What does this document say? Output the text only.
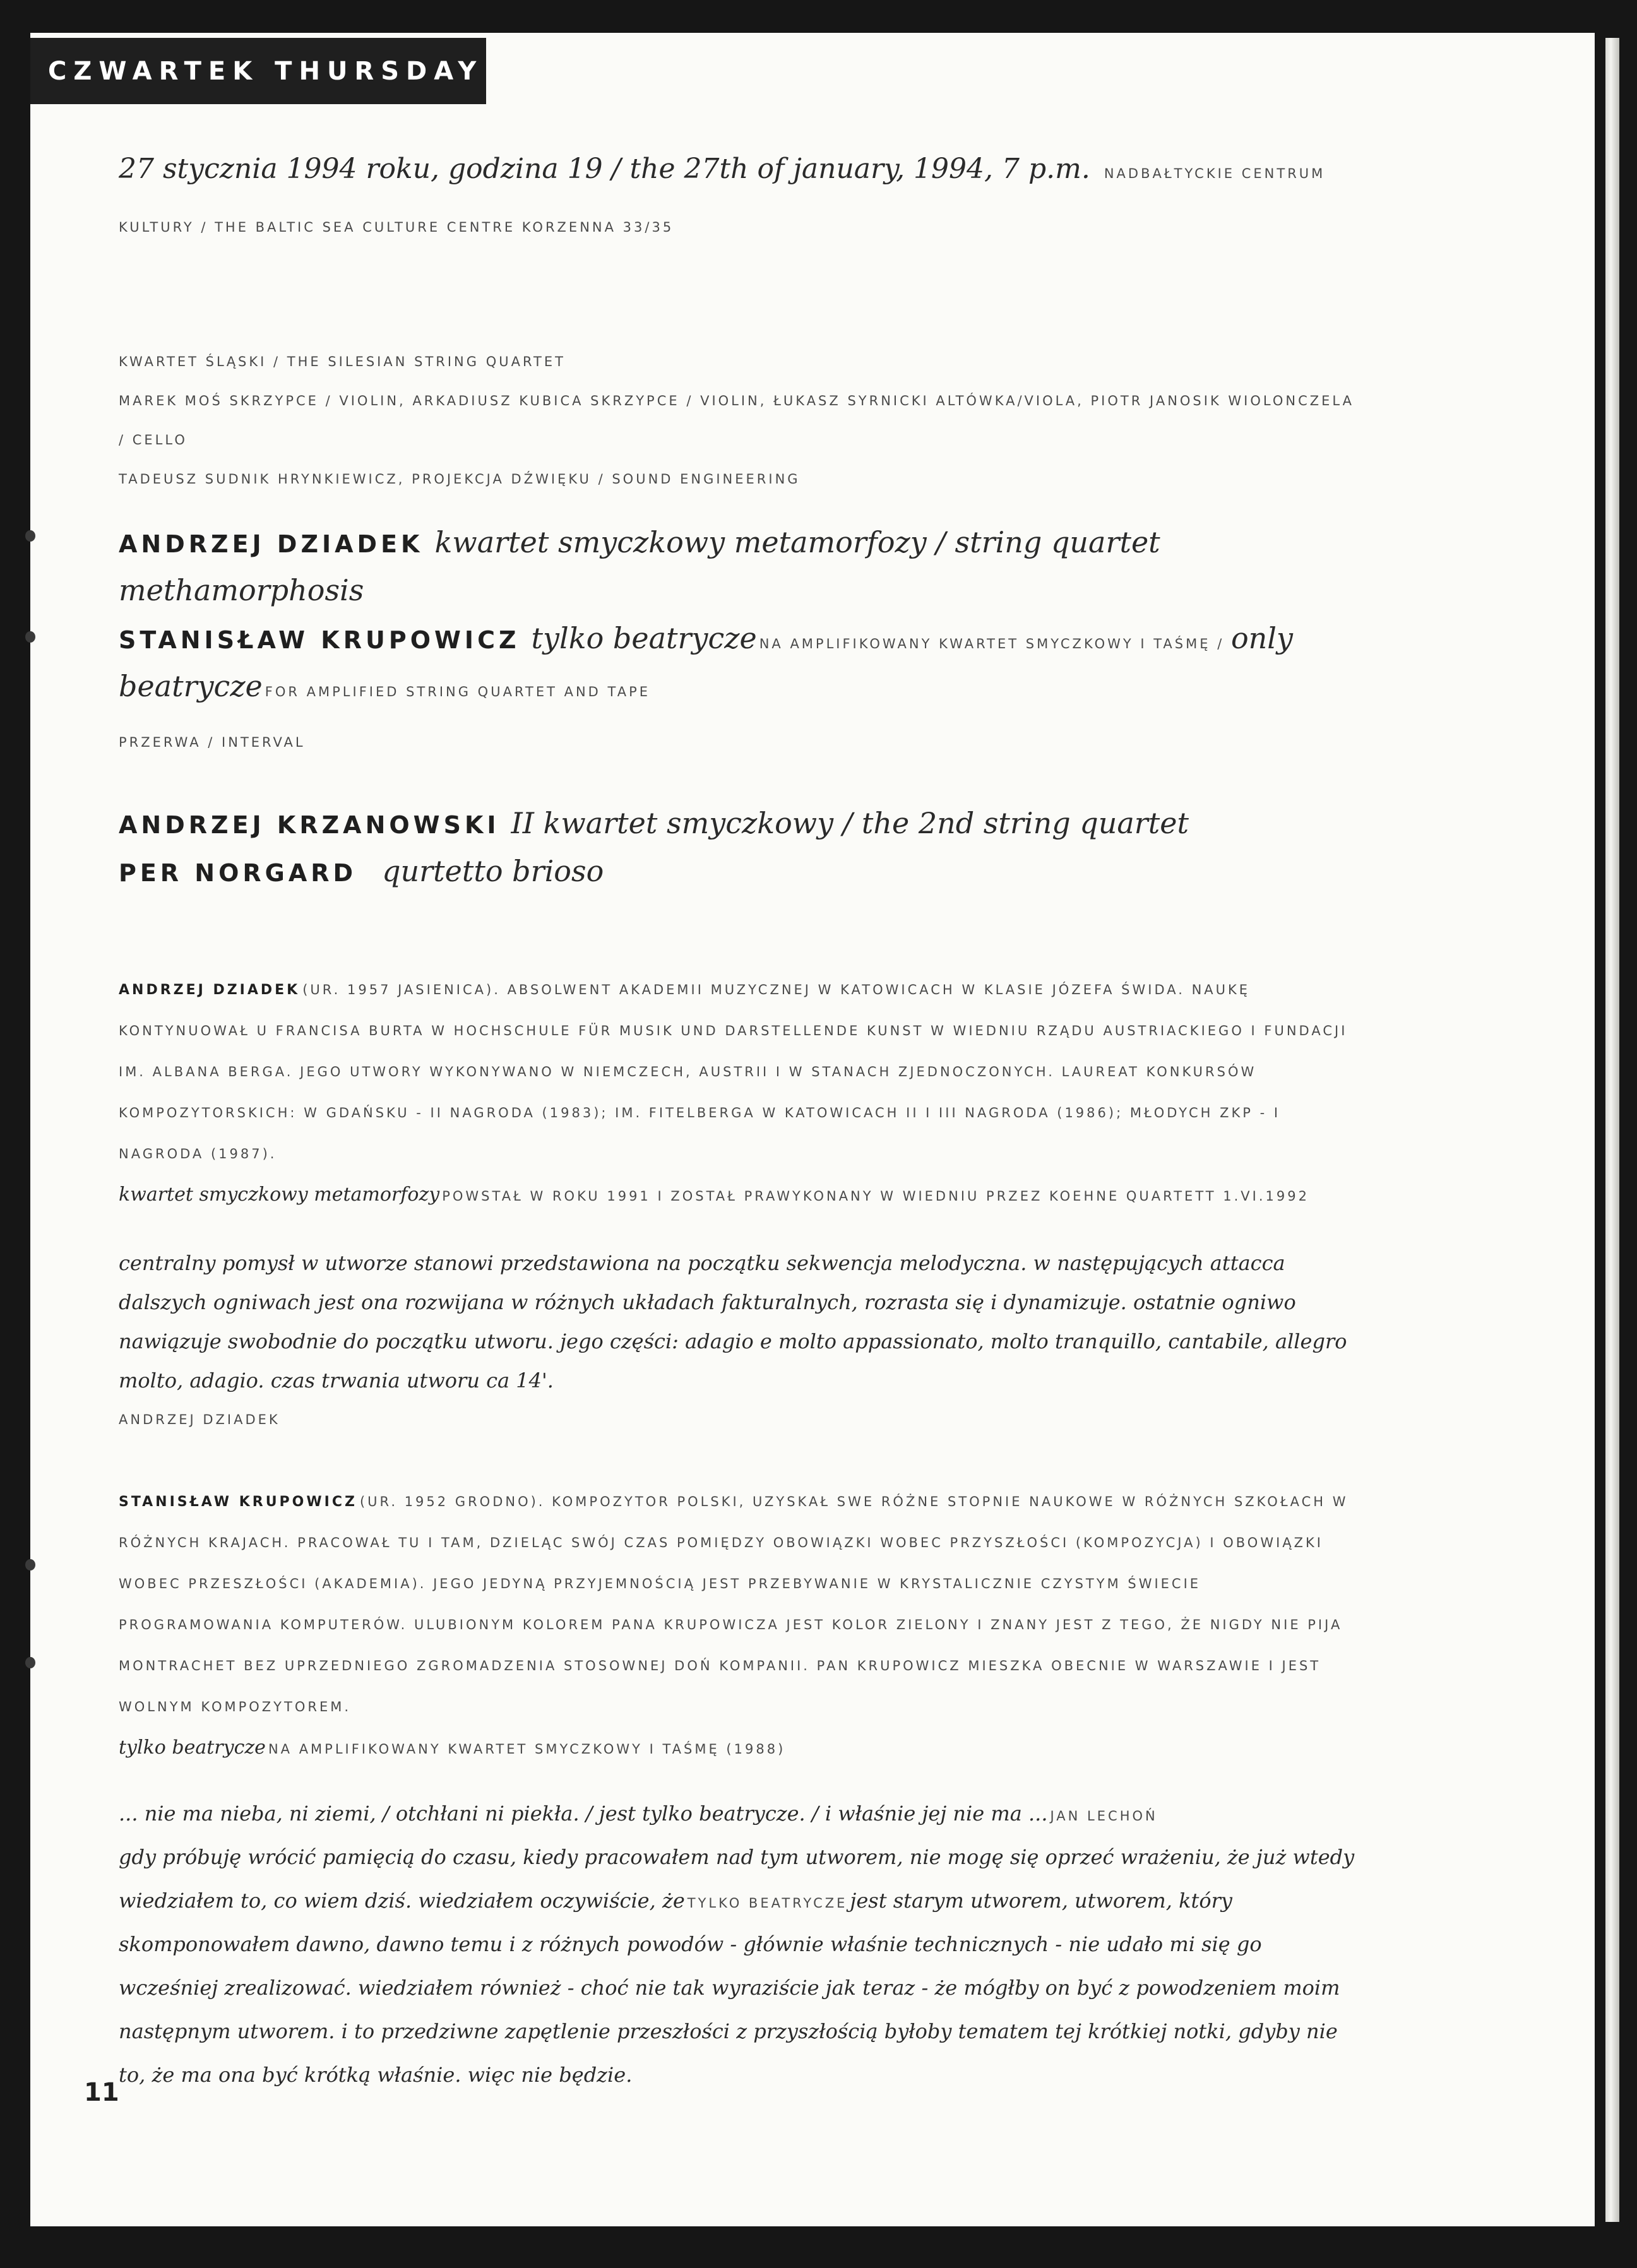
CZWARTEK THURSDAY
27 stycznia 1994 roku, godzina 19 / the 27th of january, 1994, 7 p.m. NADBAŁTYCKIE CENTRUM KULTURY / THE BALTIC SEA CULTURE CENTRE KORZENNA 33/35
KWARTET ŚLĄSKI / THE SILESIAN STRING QUARTET
MAREK MOŚ SKRZYPCE / VIOLIN, ARKADIUSZ KUBICA SKRZYPCE / VIOLIN, ŁUKASZ SYRNICKI ALTÓWKA/VIOLA, PIOTR JANOSIK WIOLONCZELA / CELLO
TADEUSZ SUDNIK HRYNKIEWICZ, PROJEKCJA DŹWIĘKU / SOUND ENGINEERING
ANDRZEJ DZIADEK kwartet smyczkowy metamorfozy / string quartet methamorphosis
STANISŁAW KRUPOWICZ tylko beatrycze NA AMPLIFIKOWANY KWARTET SMYCZKOWY I TAŚMĘ / only beatrycze FOR AMPLIFIED STRING QUARTET AND TAPE
PRZERWA / INTERVAL
ANDRZEJ KRZANOWSKI II kwartet smyczkowy / the 2nd string quartet
PER NORGARD qurtetto brioso
ANDRZEJ DZIADEK (UR. 1957 JASIENICA). ABSOLWENT AKADEMII MUZYCZNEJ W KATOWICACH W KLASIE JÓZEFA ŚWIDA. NAUKĘ KONTYNUOWAŁ U FRANCISA BURTA W HOCHSCHULE FÜR MUSIK UND DARSTELLENDE KUNST W WIEDNIU RZĄDU AUSTRIACKIEGO I FUNDACJI IM. ALBANA BERGA. JEGO UTWORY WYKONYWANO W NIEMCZECH, AUSTRII I W STANACH ZJEDNOCZONYCH. LAUREAT KONKURSÓW KOMPOZYTORSKICH: W GDAŃSKU - II NAGRODA (1983); IM. FITELBERGA W KATOWICACH II I III NAGRODA (1986); MŁODYCH ZKP - I NAGRODA (1987).
kwartet smyczkowy metamorfozy POWSTAŁ W ROKU 1991 I ZOSTAŁ PRAWYKONANY W WIEDNIU PRZEZ KOEHNE QUARTETT 1.VI.1992
centralny pomysł w utworze stanowi przedstawiona na początku sekwencja melodyczna. w następujących attacca dalszych ogniwach jest ona rozwijana w różnych układach fakturalnych, rozrasta się i dynamizuje. ostatnie ogniwo nawiązuje swobodnie do początku utworu. jego części: adagio e molto appassionato, molto tranquillo, cantabile, allegro molto, adagio. czas trwania utworu ca 14'.
ANDRZEJ DZIADEK
STANISŁAW KRUPOWICZ (UR. 1952 GRODNO). KOMPOZYTOR POLSKI, UZYSKAŁ SWE RÓŻNE STOPNIE NAUKOWE W RÓŻNYCH SZKOŁACH W RÓŻNYCH KRAJACH. PRACOWAŁ TU I TAM, DZIELĄC SWÓJ CZAS POMIĘDZY OBOWIĄZKI WOBEC PRZYSZŁOŚCI (KOMPOZYCJA) I OBOWIĄZKI WOBEC PRZESZŁOŚCI (AKADEMIA). JEGO JEDYNĄ PRZYJEMNOŚCIĄ JEST PRZEBYWANIE W KRYSTALICZNIE CZYSTYM ŚWIECIE PROGRAMOWANIA KOMPUTERÓW. ULUBIONYM KOLOREM PANA KRUPOWICZA JEST KOLOR ZIELONY I ZNANY JEST Z TEGO, ŻE NIGDY NIE PIJA MONTRACHET BEZ UPRZEDNIEGO ZGROMADZENIA STOSOWNEJ DOŃ KOMPANII. PAN KRUPOWICZ MIESZKA OBECNIE W WARSZAWIE I JEST WOLNYM KOMPOZYTOREM.
tylko beatrycze NA AMPLIFIKOWANY KWARTET SMYCZKOWY I TAŚMĘ (1988)
... nie ma nieba, ni ziemi, / otchłani ni piekła. / jest tylko beatrycze. / i właśnie jej nie ma ... JAN LECHOŃ
gdy próbuję wrócić pamięcią do czasu, kiedy pracowałem nad tym utworem, nie mogę się oprzeć wrażeniu, że już wtedy wiedziałem to, co wiem dziś. wiedziałem oczywiście, że TYLKO BEATRYCZE jest starym utworem, utworem, który skomponowałem dawno, dawno temu i z różnych powodów - głównie właśnie technicznych - nie udało mi się go wcześniej zrealizować. wiedziałem również - choć nie tak wyraziście jak teraz - że mógłby on być z powodzeniem moim następnym utworem. i to przedziwne zapętlenie przeszłości z przyszłością byłoby tematem tej krótkiej notki, gdyby nie to, że ma ona być krótką właśnie. więc nie będzie.
11
